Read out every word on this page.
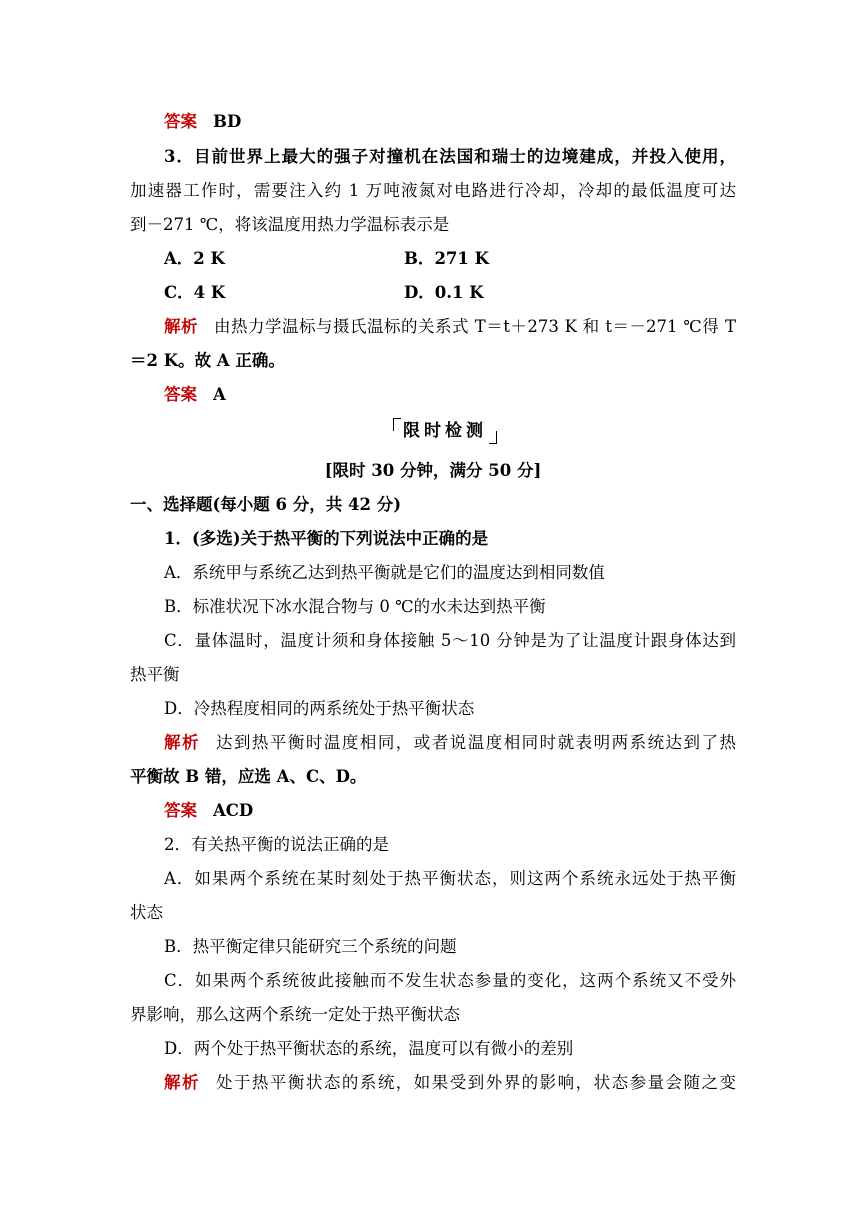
答案 BD
3．目前世界上最大的强子对撞机在法国和瑞士的边境建成，并投入使用，
加速器工作时，需要注入约 1 万吨液氮对电路进行冷却，冷却的最低温度可达
到－271 ℃，将该温度用热力学温标表示是
A．2 K	B．271 K
C．4 K	D．0.1 K
解析 由热力学温标与摄氏温标的关系式 T＝t＋273 K 和 t＝－271 ℃得 T
＝2 K。故 A 正确。
答案 A
限时检测
[限时 30 分钟，满分 50 分]
一、选择题(每小题 6 分，共 42 分)
1．(多选)关于热平衡的下列说法中正确的是
A．系统甲与系统乙达到热平衡就是它们的温度达到相同数值
B．标准状况下冰水混合物与 0 ℃的水未达到热平衡
C．量体温时，温度计须和身体接触 5～10 分钟是为了让温度计跟身体达到
热平衡
D．冷热程度相同的两系统处于热平衡状态
解析 达到热平衡时温度相同，或者说温度相同时就表明两系统达到了热
平衡故 B 错，应选 A、C、D。
答案 ACD
2．有关热平衡的说法正确的是
A．如果两个系统在某时刻处于热平衡状态，则这两个系统永远处于热平衡
状态
B．热平衡定律只能研究三个系统的问题
C．如果两个系统彼此接触而不发生状态参量的变化，这两个系统又不受外
界影响，那么这两个系统一定处于热平衡状态
D．两个处于热平衡状态的系统，温度可以有微小的差别
解析 处于热平衡状态的系统，如果受到外界的影响，状态参量会随之变
